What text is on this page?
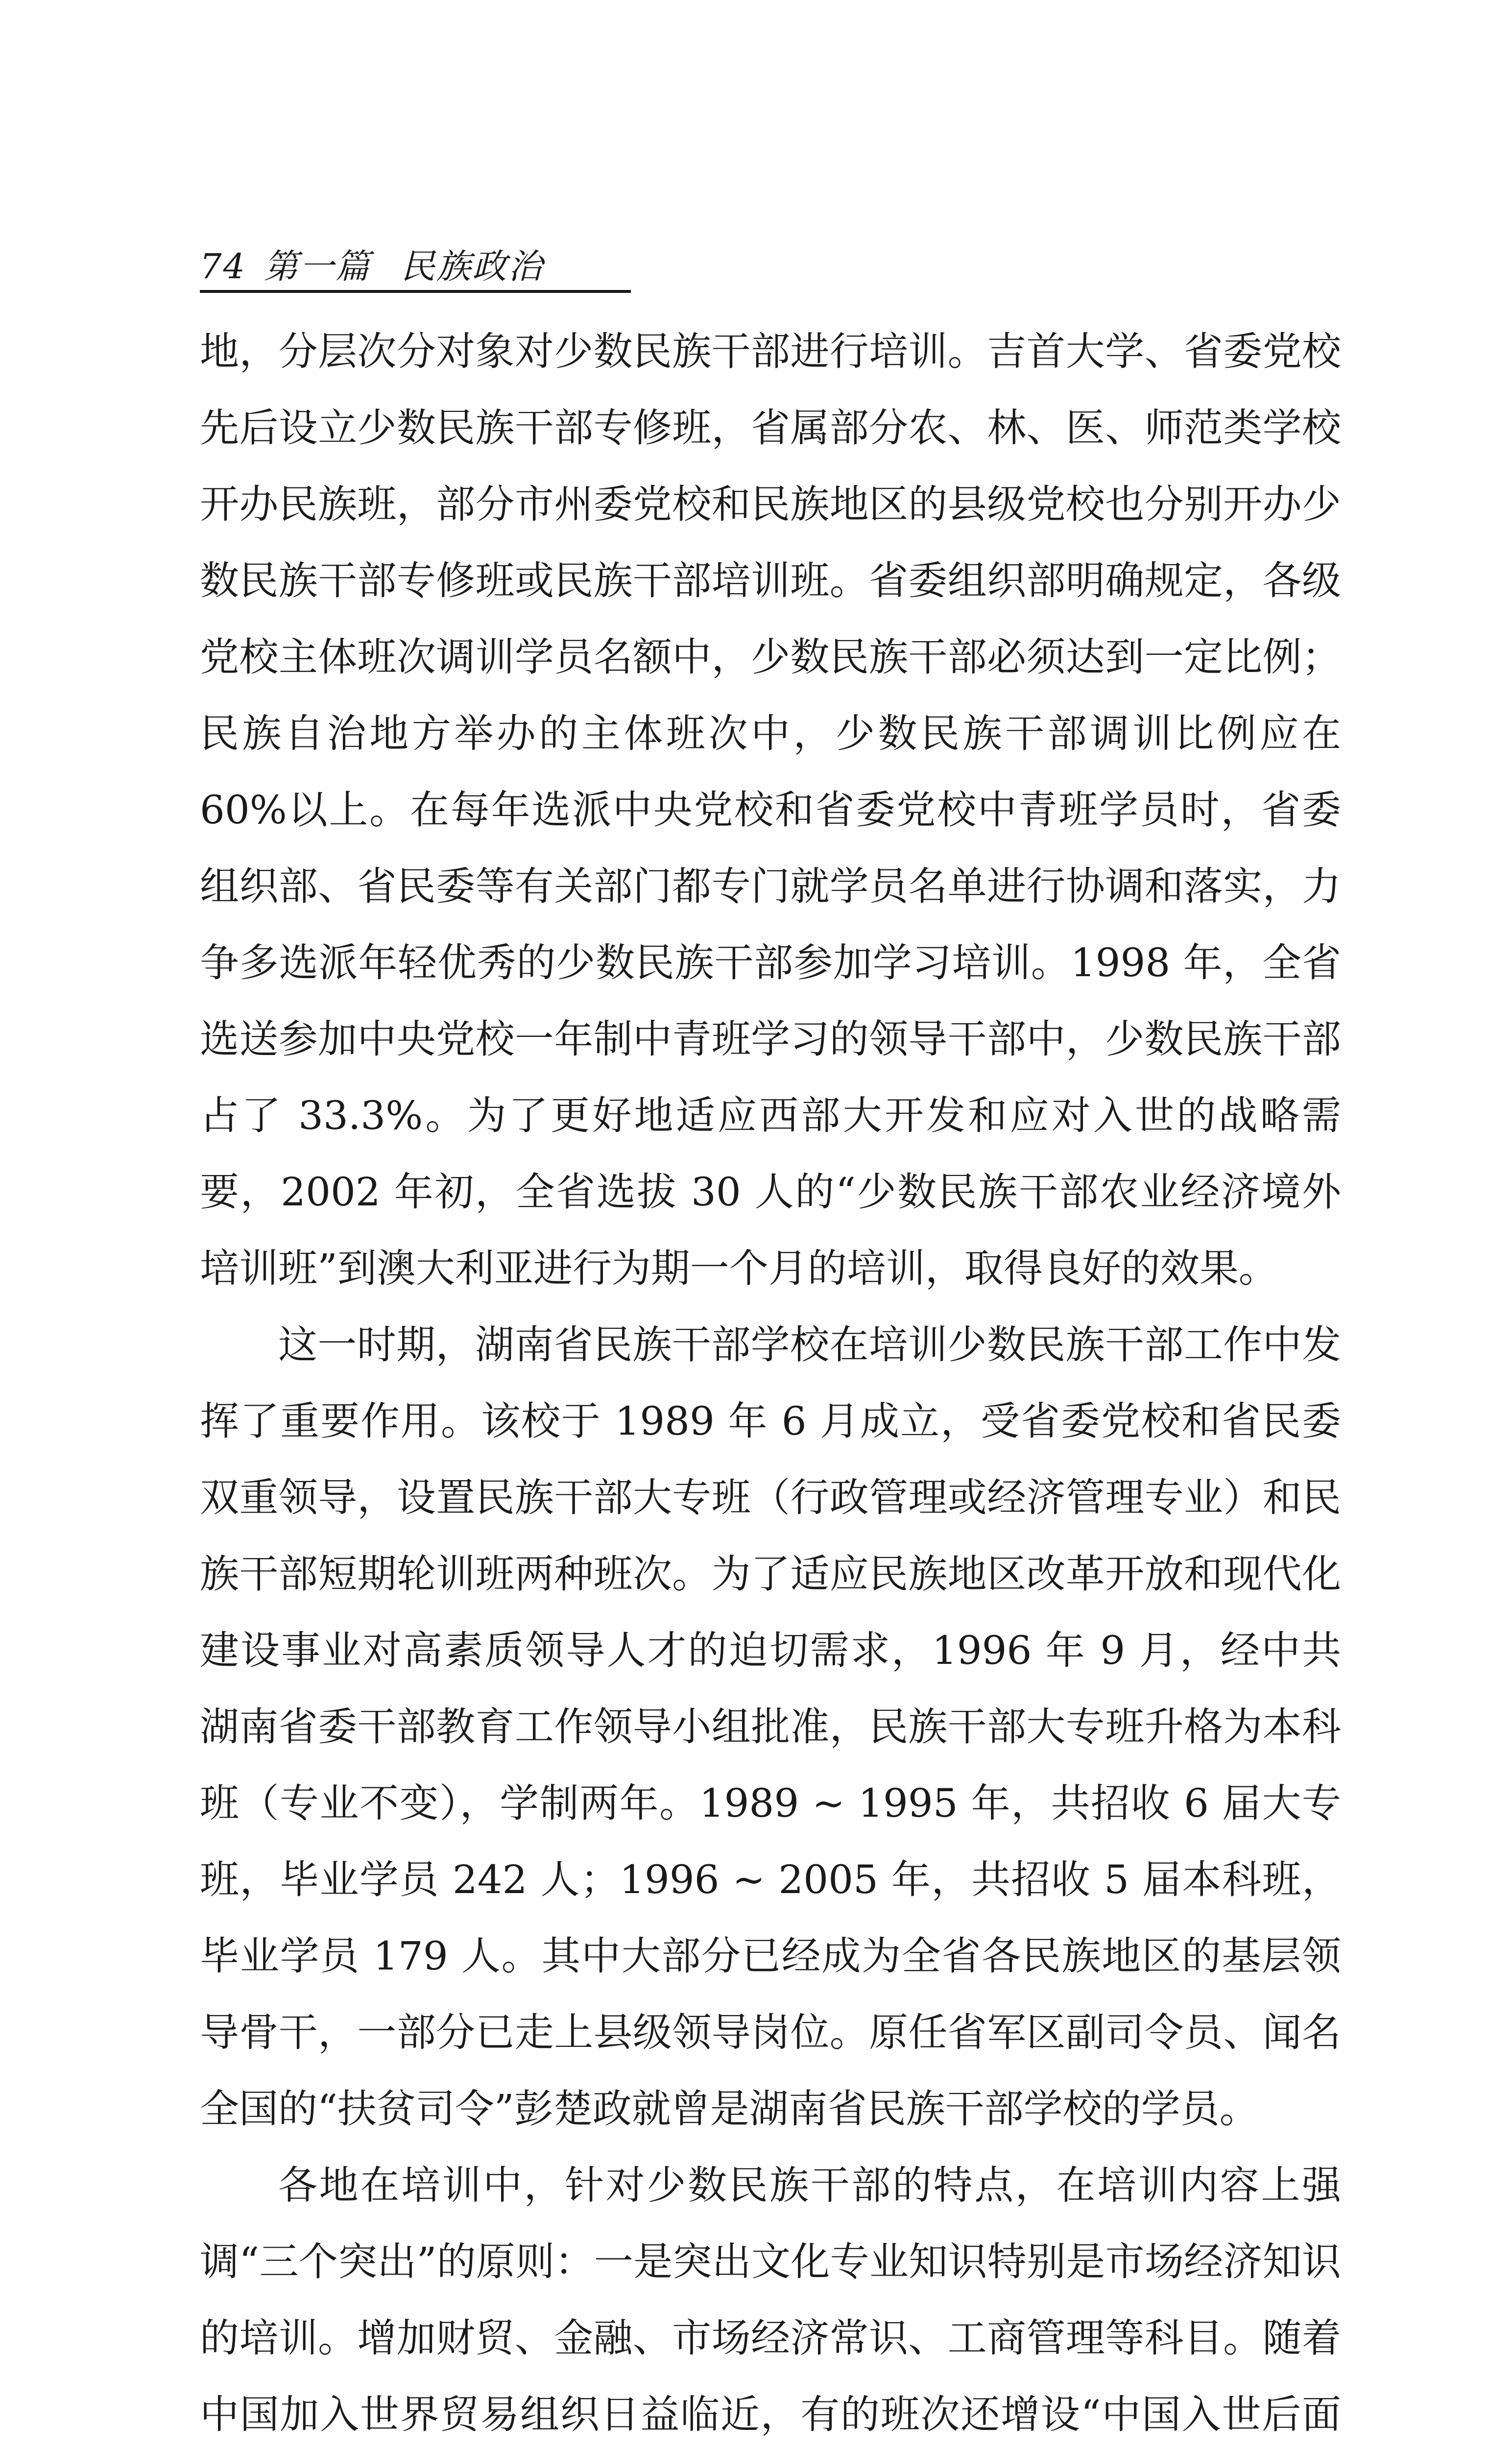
74 第一篇 民族政治

地，分层次分对象对少数民族干部进行培训。吉首大学、省委党校先后设立少数民族干部专修班，省属部分农、林、医、师范类学校开办民族班，部分市州委党校和民族地区的县级党校也分别开办少数民族干部专修班或民族干部培训班。省委组织部明确规定，各级党校主体班次调训学员名额中，少数民族干部必须达到一定比例；民族自治地方举办的主体班次中，少数民族干部调训比例应在60%以上。在每年选派中央党校和省委党校中青班学员时，省委组织部、省民委等有关部门都专门就学员名单进行协调和落实，力争多选派年轻优秀的少数民族干部参加学习培训。1998 年，全省选送参加中央党校一年制中青班学习的领导干部中，少数民族干部占了 33.3%。为了更好地适应西部大开发和应对入世的战略需要，2002 年初，全省选拔 30 人的“少数民族干部农业经济境外培训班”到澳大利亚进行为期一个月的培训，取得良好的效果。

这一时期，湖南省民族干部学校在培训少数民族干部工作中发挥了重要作用。该校于 1989 年 6 月成立，受省委党校和省民委双重领导，设置民族干部大专班（行政管理或经济管理专业）和民族干部短期轮训班两种班次。为了适应民族地区改革开放和现代化建设事业对高素质领导人才的迫切需求，1996 年 9 月，经中共湖南省委干部教育工作领导小组批准，民族干部大专班升格为本科班（专业不变），学制两年。1989 ~ 1995 年，共招收 6 届大专班，毕业学员 242 人；1996 ~ 2005 年，共招收 5 届本科班，毕业学员 179 人。其中大部分已经成为全省各民族地区的基层领导骨干，一部分已走上县级领导岗位。原任省军区副司令员、闻名全国的“扶贫司令”彭楚政就曾是湖南省民族干部学校的学员。

各地在培训中，针对少数民族干部的特点，在培训内容上强调“三个突出”的原则：一是突出文化专业知识特别是市场经济知识的培训。增加财贸、金融、市场经济常识、工商管理等科目。随着中国加入世界贸易组织日益临近，有的班次还增设“中国入世后面
